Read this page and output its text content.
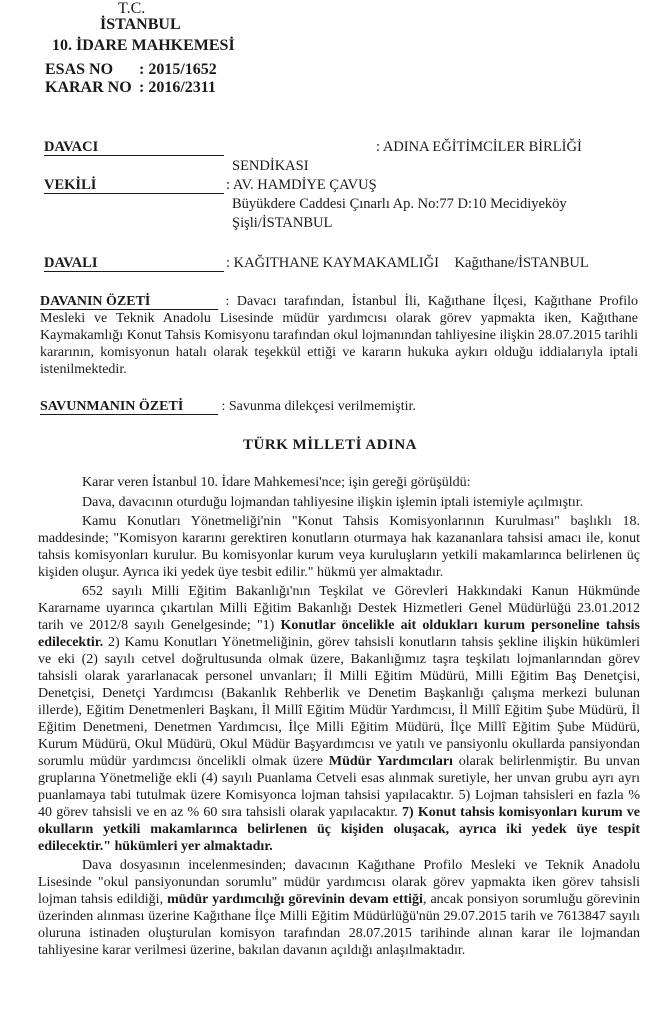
T.C.
İSTANBUL
10. İDARE MAHKEMESİ
ESAS NO : 2015/1652
KARAR NO : 2016/2311
DAVACI	: ADINA EĞİTİMCİLER BİRLİĞİ
SENDİKASI
VEKİLİ	: AV. HAMDİYE ÇAVUŞ
Büyükdere Caddesi Çınarlı Ap. No:77 D:10 Mecidiyeköy
Şişli/İSTANBUL
DAVALI	: KAĞITHANE KAYMAKAMLIĞI Kağıthane/İSTANBUL
DAVANIN ÖZETİ	: Davacı tarafından, İstanbul İli, Kağıthane İlçesi, Kağıthane Profilo Mesleki ve Teknik Anadolu Lisesinde müdür yardımcısı olarak görev yapmakta iken, Kağıthane Kaymakamlığı Konut Tahsis Komisyonu tarafından okul lojmanından tahliyesine ilişkin 28.07.2015 tarihli kararının, komisyonun hatalı olarak teşekkül ettiği ve kararın hukuka aykırı olduğu iddialarıyla iptali istenilmektedir.
SAVUNMANIN ÖZETİ	: Savunma dilekçesi verilmemiştir.
TÜRK MİLLETİ ADINA

Karar veren İstanbul 10. İdare Mahkemesi'nce; işin gereği görüşüldü:

Dava, davacının oturduğu lojmandan tahliyesine ilişkin işlemin iptali istemiyle açılmıştır.

Kamu Konutları Yönetmeliği'nin "Konut Tahsis Komisyonlarının Kurulması" başlıklı 18. maddesinde; "Komisyon kararını gerektiren konutların oturmaya hak kazananlara tahsisi amacı ile, konut tahsis komisyonları kurulur. Bu komisyonlar kurum veya kuruluşların yetkili makamlarınca belirlenen üç kişiden oluşur. Ayrıca iki yedek üye tesbit edilir." hükmü yer almaktadır.

652 sayılı Milli Eğitim Bakanlığı'nın Teşkilat ve Görevleri Hakkındaki Kanun Hükmünde Kararname uyarınca çıkartılan Milli Eğitim Bakanlığı Destek Hizmetleri Genel Müdürlüğü 23.01.2012 tarih ve 2012/8 sayılı Genelgesinde; "1) Konutlar öncelikle ait oldukları kurum personeline tahsis edilecektir. 2) Kamu Konutları Yönetmeliğinin, görev tahsisli konutların tahsis şekline ilişkin hükümleri ve eki (2) sayılı cetvel doğrultusunda olmak üzere, Bakanlığımız taşra teşkilatı lojmanlarından görev tahsisli olarak yararlanacak personel unvanları; İl Milli Eğitim Müdürü, Milli Eğitim Baş Denetçisi, Denetçisi, Denetçi Yardımcısı (Bakanlık Rehberlik ve Denetim Başkanlığı çalışma merkezi bulunan illerde), Eğitim Denetmenleri Başkanı, İl Millî Eğitim Müdür Yardımcısı, İl Millî Eğitim Şube Müdürü, İl Eğitim Denetmeni, Denetmen Yardımcısı, İlçe Milli Eğitim Müdürü, İlçe Millî Eğitim Şube Müdürü, Kurum Müdürü, Okul Müdürü, Okul Müdür Başyardımcısı ve yatılı ve pansiyonlu okullarda pansiyondan sorumlu müdür yardımcısı öncelikli olmak üzere Müdür Yardımcıları olarak belirlenmiştir. Bu unvan gruplarına Yönetmeliğe ekli (4) sayılı Puanlama Cetveli esas alınmak suretiyle, her unvan grubu ayrı ayrı puanlamaya tabi tutulmak üzere Komisyonca lojman tahsisi yapılacaktır. 5) Lojman tahsisleri en fazla % 40 görev tahsisli ve en az % 60 sıra tahsisli olarak yapılacaktır. 7) Konut tahsis komisyonları kurum ve okulların yetkili makamlarınca belirlenen üç kişiden oluşacak, ayrıca iki yedek üye tespit edilecektir." hükümleri yer almaktadır.

Dava dosyasının incelenmesinden; davacının Kağıthane Profilo Mesleki ve Teknik Anadolu Lisesinde "okul pansiyonundan sorumlu" müdür yardımcısı olarak görev yapmakta iken görev tahsisli lojman tahsis edildiği, müdür yardımcılığı görevinin devam ettiği, ancak ponsiyon sorumluğu görevinin üzerinden alınması üzerine Kağıthane İlçe Milli Eğitim Müdürlüğü'nün 29.07.2015 tarih ve 7613847 sayılı oluruna istinaden oluşturulan komisyon tarafından 28.07.2015 tarihinde alınan karar ile lojmandan tahliyesine karar verilmesi üzerine, bakılan davanın açıldığı anlaşılmaktadır.
